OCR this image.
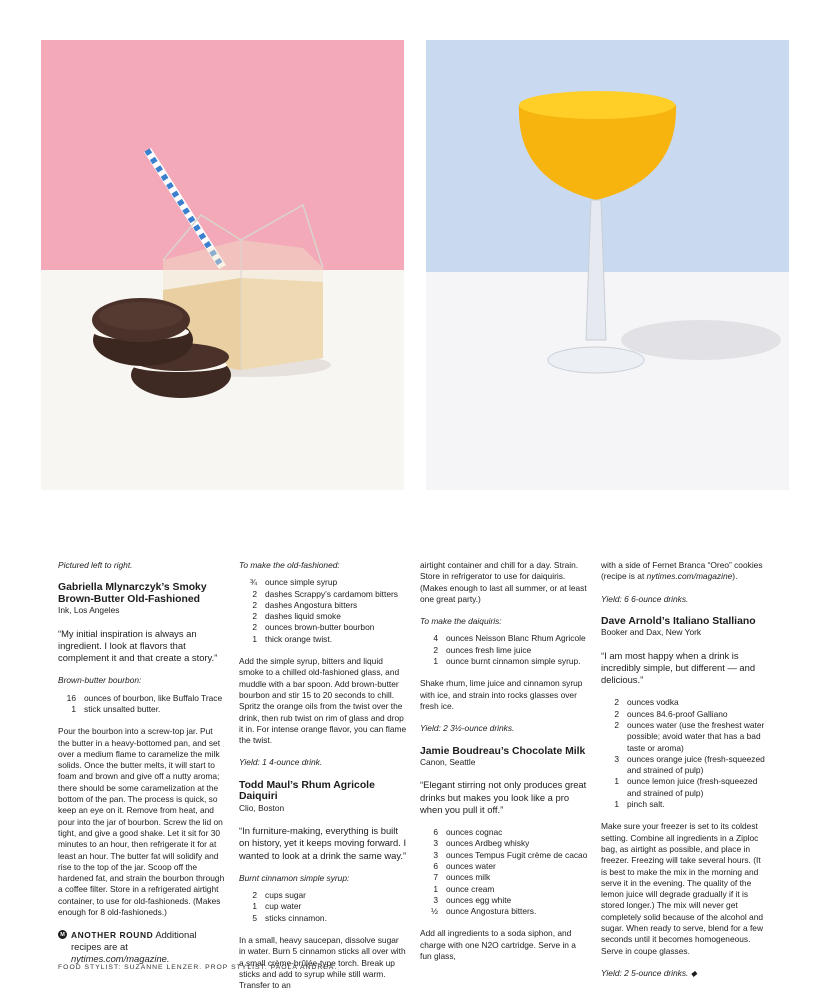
Pictured left to right.

Gabriella Mlynarczyk’s Smoky Brown-Butter Old-Fashioned
Ink, Los Angeles
“My initial inspiration is always an ingredient. I look at flavors that complement it and that create a story.”
Brown-butter bourbon:
16 ounces of bourbon, like Buffalo Trace
1 stick unsalted butter.

Pour the bourbon into a screw-top jar. Put the butter in a heavy-bottomed pan, and set over a medium flame to caramelize the milk solids. Once the butter melts, it will start to foam and brown and give off a nutty aroma; there should be some caramelization at the bottom of the pan. The process is quick, so keep an eye on it. Remove from heat, and pour into the jar of bourbon. Screw the lid on tight, and give a good shake. Let it sit for 30 minutes to an hour, then refrigerate it for at least an hour. The butter fat will solidify and rise to the top of the jar. Scoop off the hardened fat, and strain the bourbon through a coffee filter. Store in a refrigerated airtight container, to use for old-fashioneds. (Makes enough for 8 old-fashioneds.)

M ANOTHER ROUND Additional recipes are at nytimes.com/magazine.
To make the old-fashioned:
¾ ounce simple syrup
2 dashes Scrappy’s cardamom bitters
2 dashes Angostura bitters
2 dashes liquid smoke
2 ounces brown-butter bourbon
1 thick orange twist.

Add the simple syrup, bitters and liquid smoke to a chilled old-fashioned glass, and muddle with a bar spoon. Add brown-butter bourbon and stir 15 to 20 seconds to chill. Spritz the orange oils from the twist over the drink, then rub twist on rim of glass and drop it in. For intense orange flavor, you can flame the twist.

Yield: 1 4-ounce drink.

Todd Maul’s Rhum Agricole Daiquiri
Clio, Boston
“In furniture-making, everything is built on history, yet it keeps moving forward. I wanted to look at a drink the same way.”
Burnt cinnamon simple syrup:
2 cups sugar
1 cup water
5 sticks cinnamon.

In a small, heavy saucepan, dissolve sugar in water. Burn 5 cinnamon sticks all over with a small crème-brûlée-type torch. Break up sticks and add to syrup while still warm. Transfer to an

airtight container and chill for a day. Strain. Store in refrigerator to use for daiquiris. (Makes enough to last all summer, or at least one great party.)

To make the daiquiris:
4 ounces Neisson Blanc Rhum Agricole
2 ounces fresh lime juice
1 ounce burnt cinnamon simple syrup.

Shake rhum, lime juice and cinnamon syrup with ice, and strain into rocks glasses over fresh ice.

Yield: 2 3½-ounce drinks.

Jamie Boudreau’s Chocolate Milk
Canon, Seattle
“Elegant stirring not only produces great drinks but makes you look like a pro when you pull it off.”
6 ounces cognac
3 ounces Ardbeg whisky
3 ounces Tempus Fugit crème de cacao
6 ounces water
7 ounces milk
1 ounce cream
3 ounces egg white
½ ounce Angostura bitters.

Add all ingredients to a soda siphon, and charge with one N2O cartridge. Serve in a fun glass,

with a side of Fernet Branca “Oreo” cookies (recipe is at nytimes.com/magazine).

Yield: 6 6-ounce drinks.

Dave Arnold’s Italiano Stalliano
Booker and Dax, New York
“I am most happy when a drink is incredibly simple, but different — and delicious.”
2 ounces vodka
2 ounces 84.6-proof Galliano
2 ounces water (use the freshest water possible; avoid water that has a bad taste or aroma)
3 ounces orange juice (fresh-squeezed and strained of pulp)
1 ounce lemon juice (fresh-squeezed and strained of pulp)
1 pinch salt.

Make sure your freezer is set to its coldest setting. Combine all ingredients in a Ziploc bag, as airtight as possible, and place in freezer. Freezing will take several hours. (It is best to make the mix in the morning and serve it in the evening. The quality of the lemon juice will degrade gradually if it is stored longer.) The mix will never get completely solid because of the alcohol and sugar. When ready to serve, blend for a few seconds until it becomes homogeneous. Serve in coupe glasses.

Yield: 2 5-ounce drinks. ◆

FOOD STYLIST: SUZANNE LENZER. PROP STYLIST: PAOLA ANDREA.
